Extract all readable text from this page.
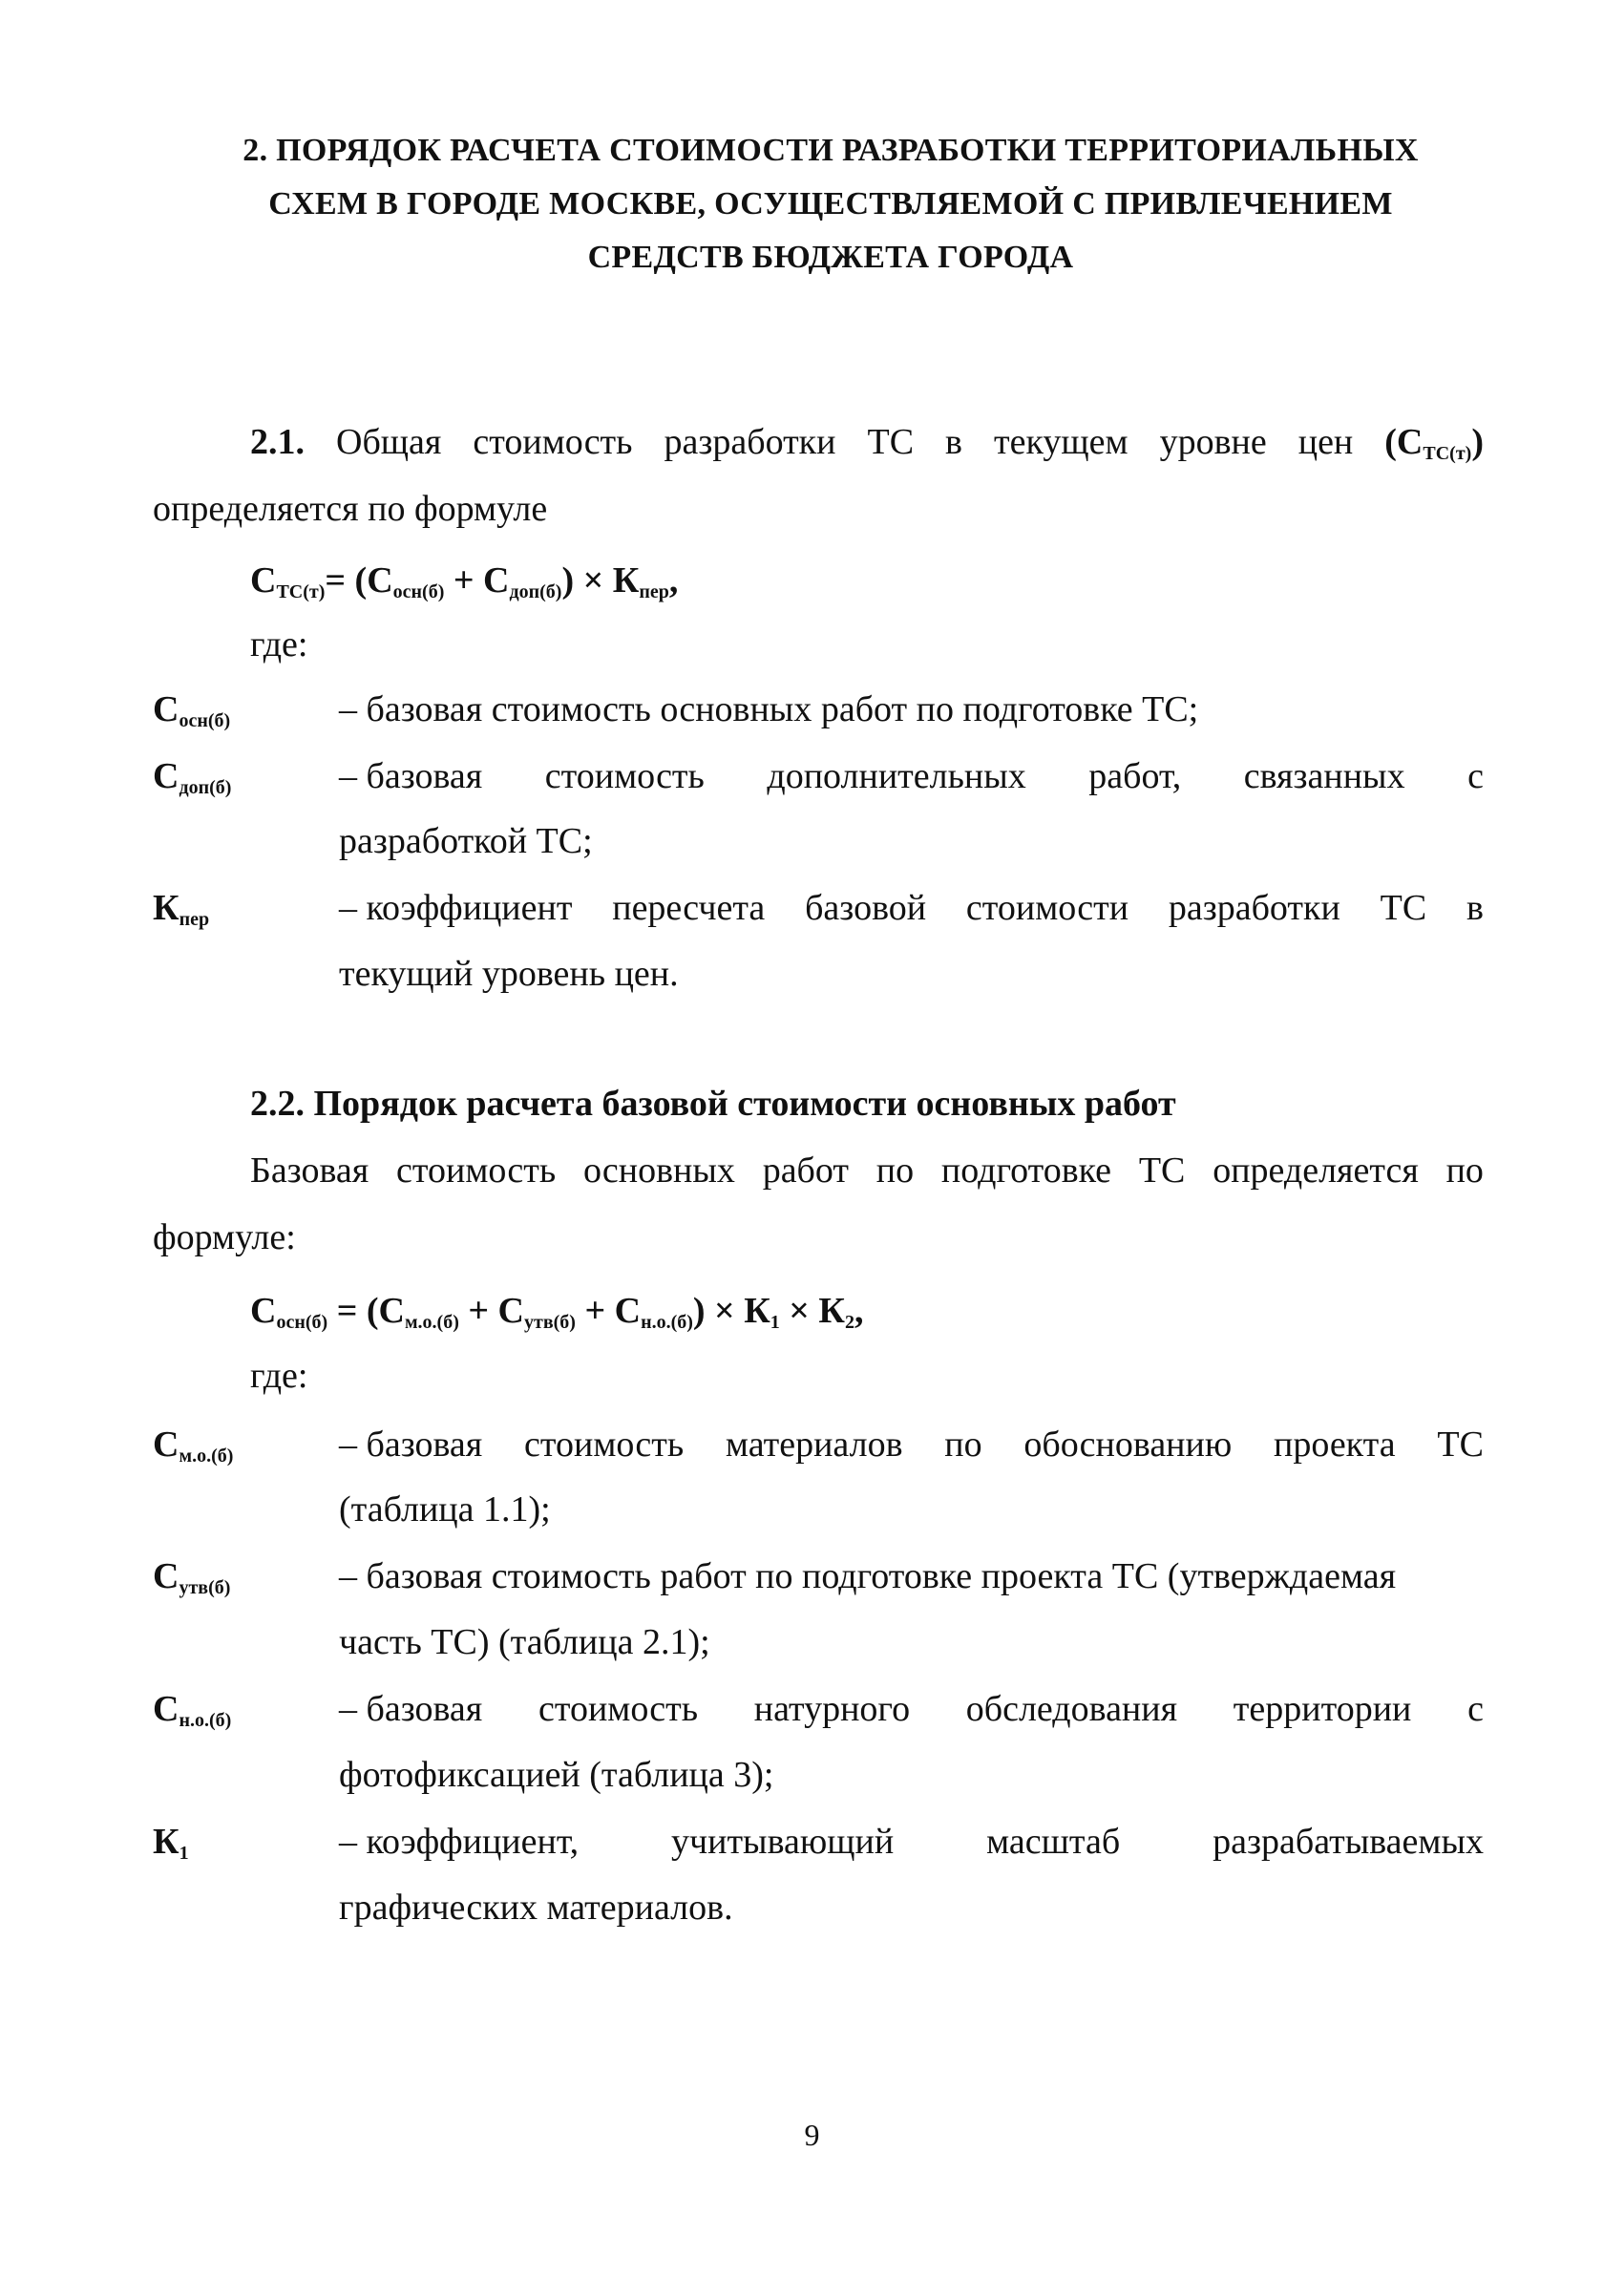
2. ПОРЯДОК РАСЧЕТА СТОИМОСТИ РАЗРАБОТКИ ТЕРРИТОРИАЛЬНЫХ
СХЕМ В ГОРОДЕ МОСКВЕ, ОСУЩЕСТВЛЯЕМОЙ С ПРИВЛЕЧЕНИЕМ
СРЕДСТВ БЮДЖЕТА ГОРОДА
2.1. Общая стоимость разработки ТС в текущем уровне цен $(С_{ТС(т)})$
определяется по формуле
$С_{ТС(т)}= (С_{осн(б)} + С_{доп(б)}) \times К_{пер}$,
где:
$С_{осн(б)}$	– базовая стоимость основных работ по подготовке ТС;
$С_{доп(б)}$	– базовая стоимость дополнительных работ, связанных с
разработкой ТС;
$К_{пер}$	– коэффициент пересчета базовой стоимости разработки ТС в
текущий уровень цен.
2.2. Порядок расчета базовой стоимости основных работ
Базовая стоимость основных работ по подготовке ТС определяется по
формуле:
$С_{осн(б)} = (С_{м.о.(б)} + С_{утв(б)} + С_{н.о.(б)}) \times К_1 \times К_2$,
где:
$С_{м.о.(б)}$	– базовая стоимость материалов по обоснованию проекта ТС
(таблица 1.1);
$С_{утв(б)}$	– базовая стоимость работ по подготовке проекта ТС (утверждаемая
часть ТС) (таблица 2.1);
$С_{н.о.(б)}$	– базовая стоимость натурного обследования территории с
фотофиксацией (таблица 3);
$К_1$	– коэффициент,	учитывающий	масштаб	разрабатываемых
графических материалов.
9
